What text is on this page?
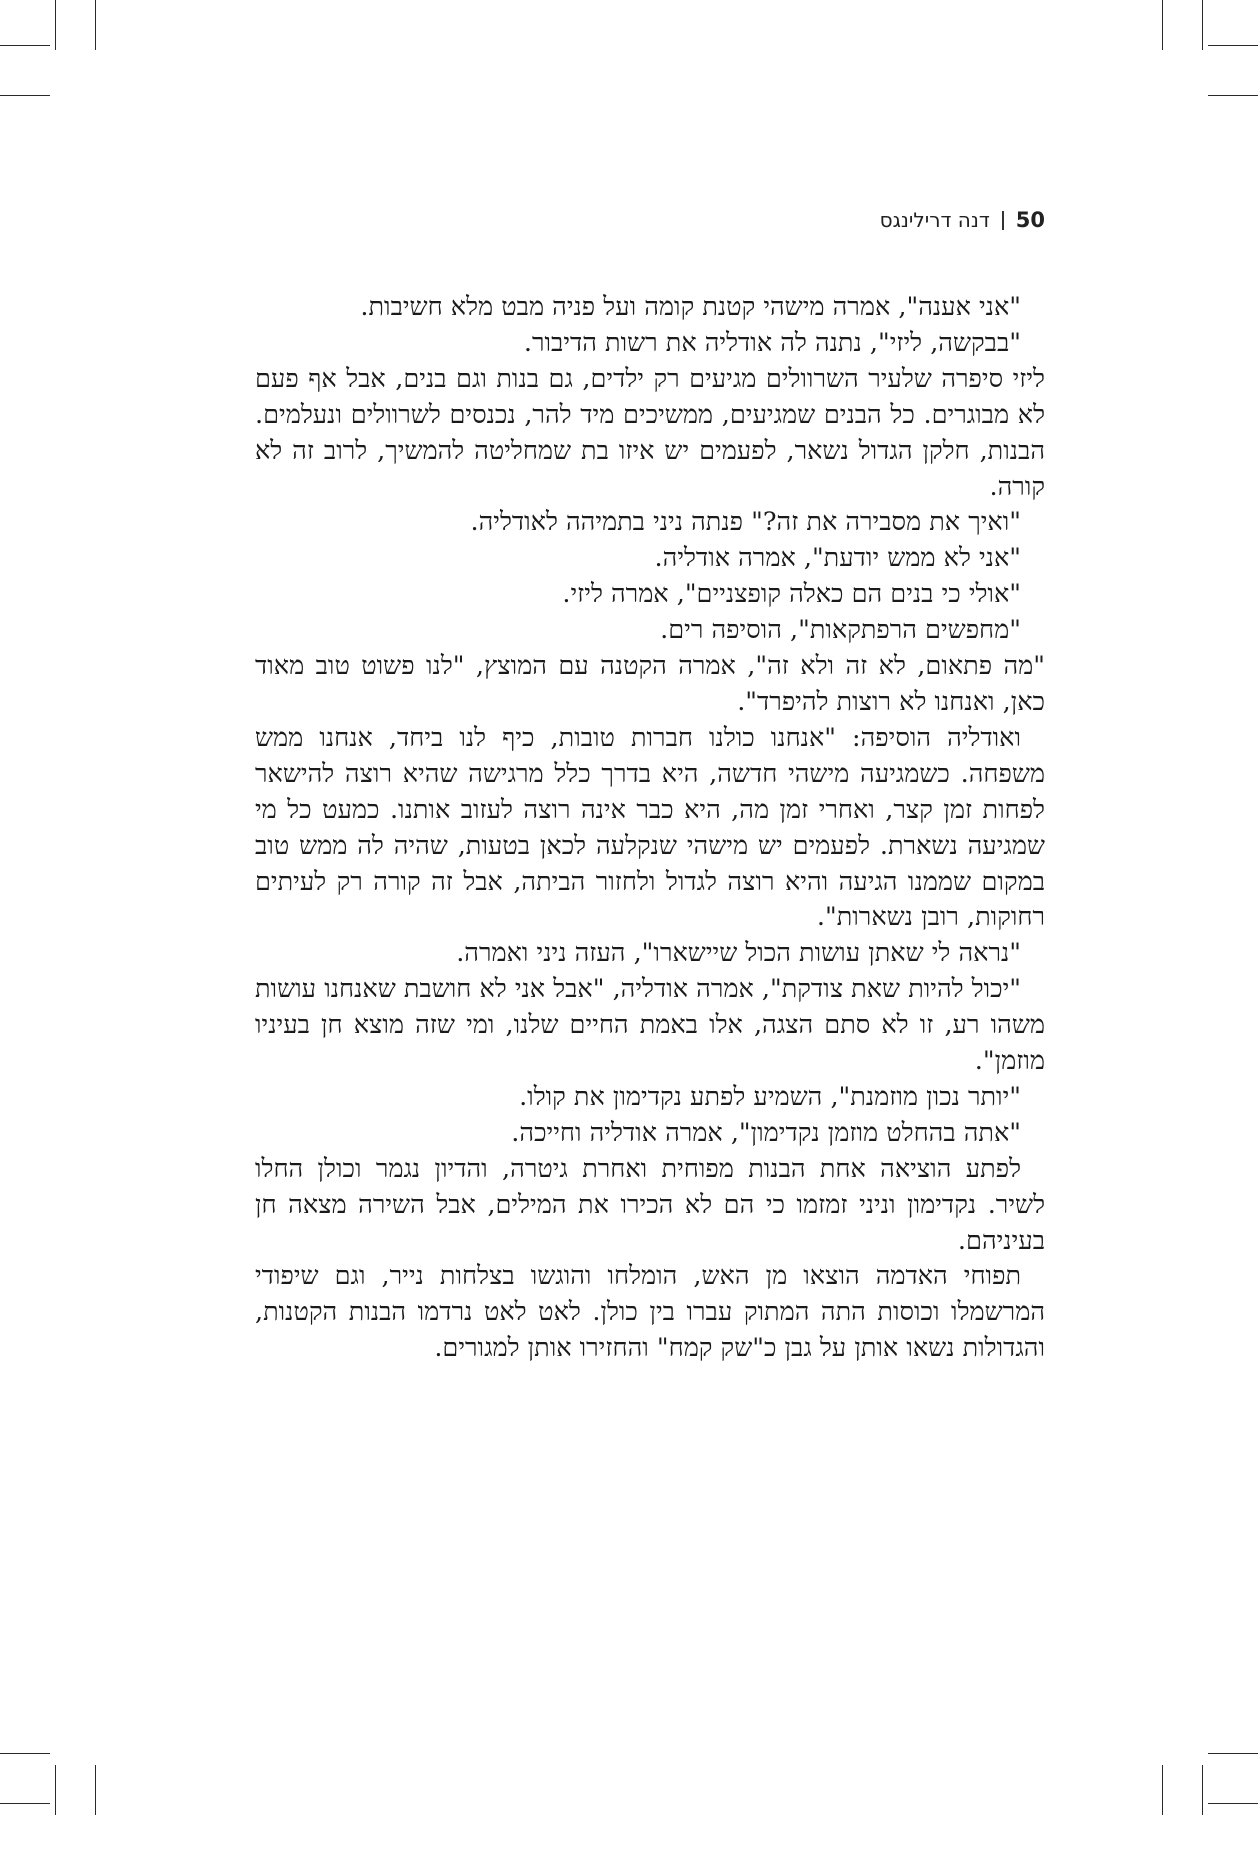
50
דנה דרילינגס

"אני אענה", אמרה מישהי קטנת קומה ועל פניה מבט מלא חשיבות.

"בבקשה, ליזי", נתנה לה אודליה את רשות הדיבור.

ליזי סיפרה שלעיר השרוולים מגיעים רק ילדים, גם בנות וגם בנים, אבל אף פעם לא מבוגרים. כל הבנים שמגיעים, ממשיכים מיד להר, נכנסים לשרוולים ונעלמים. הבנות, חלקן הגדול נשאר, לפעמים יש איזו בת שמחליטה להמשיך, לרוב זה לא קורה.

"ואיך את מסבירה את זה?" פנתה ניני בתמיהה לאודליה.

"אני לא ממש יודעת", אמרה אודליה.

"אולי כי בנים הם כאלה קופצניים", אמרה ליזי.

"מחפשים הרפתקאות", הוסיפה רים.

"מה פתאום, לא זה ולא זה", אמרה הקטנה עם המוצץ, "לנו פשוט טוב מאוד כאן, ואנחנו לא רוצות להיפרד".

ואודליה הוסיפה: "אנחנו כולנו חברות טובות, כיף לנו ביחד, אנחנו ממש משפחה. כשמגיעה מישהי חדשה, היא בדרך כלל מרגישה שהיא רוצה להישאר לפחות זמן קצר, ואחרי זמן מה, היא כבר אינה רוצה לעזוב אותנו. כמעט כל מי שמגיעה נשארת. לפעמים יש מישהי שנקלעה לכאן בטעות, שהיה לה ממש טוב במקום שממנו הגיעה והיא רוצה לגדול ולחזור הביתה, אבל זה קורה רק לעיתים רחוקות, רובן נשארות".

"נראה לי שאתן עושות הכול שיישארו", העזה ניני ואמרה.

"יכול להיות שאת צודקת", אמרה אודליה, "אבל אני לא חושבת שאנחנו עושות משהו רע, זו לא סתם הצגה, אלו באמת החיים שלנו, ומי שזה מוצא חן בעיניו מוזמן".

"יותר נכון מוזמנת", השמיע לפתע נקדימון את קולו.

"אתה בהחלט מוזמן נקדימון", אמרה אודליה וחייכה.

לפתע הוציאה אחת הבנות מפוחית ואחרת גיטרה, והדיון נגמר וכולן החלו לשיר. נקדימון וניני זמזמו כי הם לא הכירו את המילים, אבל השירה מצאה חן בעיניהם.

תפוחי האדמה הוצאו מן האש, הומלחו והוגשו בצלחות נייר, וגם שיפודי המרשמלו וכוסות התה המתוק עברו בין כולן. לאט לאט נרדמו הבנות הקטנות, והגדולות נשאו אותן על גבן כ"שק קמח" והחזירו אותן למגורים.
